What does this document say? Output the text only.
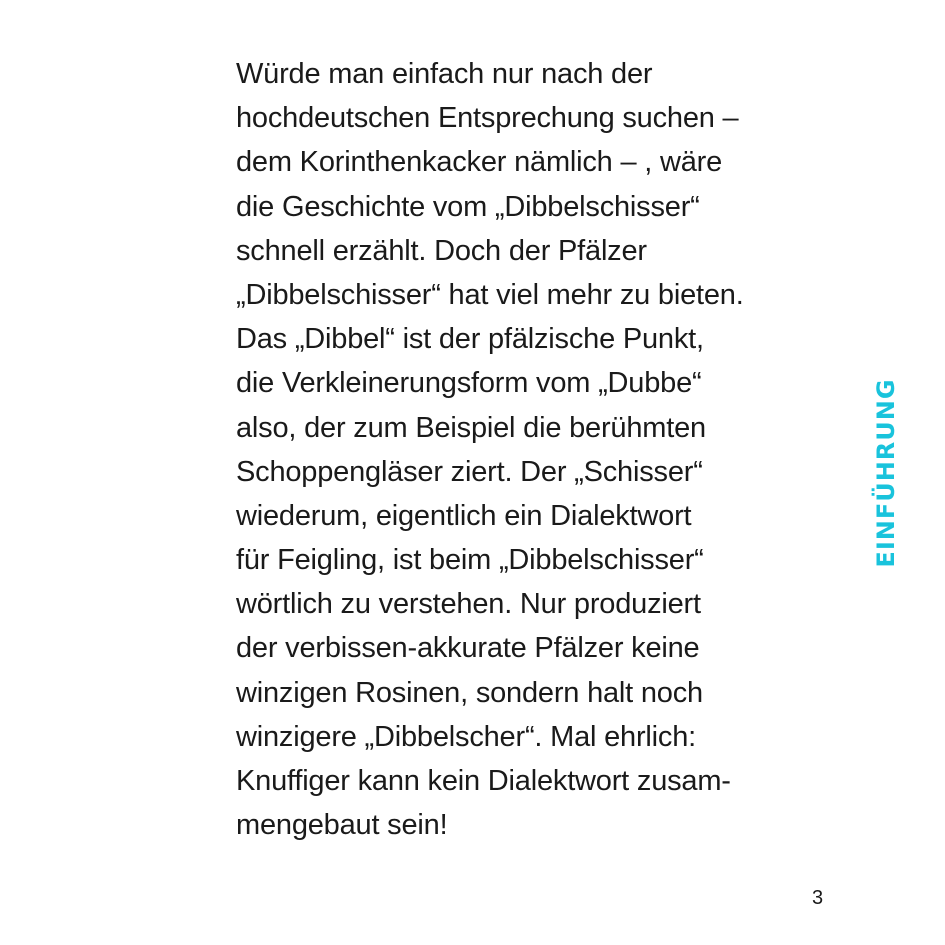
Würde man einfach nur nach der
hochdeutschen Entsprechung suchen –
dem Korinthenkacker nämlich – , wäre
die Geschichte vom „Dibbelschisser“
schnell erzählt. Doch der Pfälzer
„Dibbelschisser“ hat viel mehr zu bieten.
Das „Dibbel“ ist der pfälzische Punkt,
die Verkleinerungsform vom „Dubbe“
also, der zum Beispiel die berühmten
Schoppengläser ziert. Der „Schisser“
wiederum, eigentlich ein Dialektwort
für Feigling, ist beim „Dibbelschisser“
wörtlich zu verstehen. Nur produziert
der verbissen-akkurate Pfälzer keine
winzigen Rosinen, sondern halt noch
winzigere „Dibbelscher“. Mal ehrlich:
Knuffiger kann kein Dialektwort zusam-
mengebaut sein!
EINFÜHRUNG
3
